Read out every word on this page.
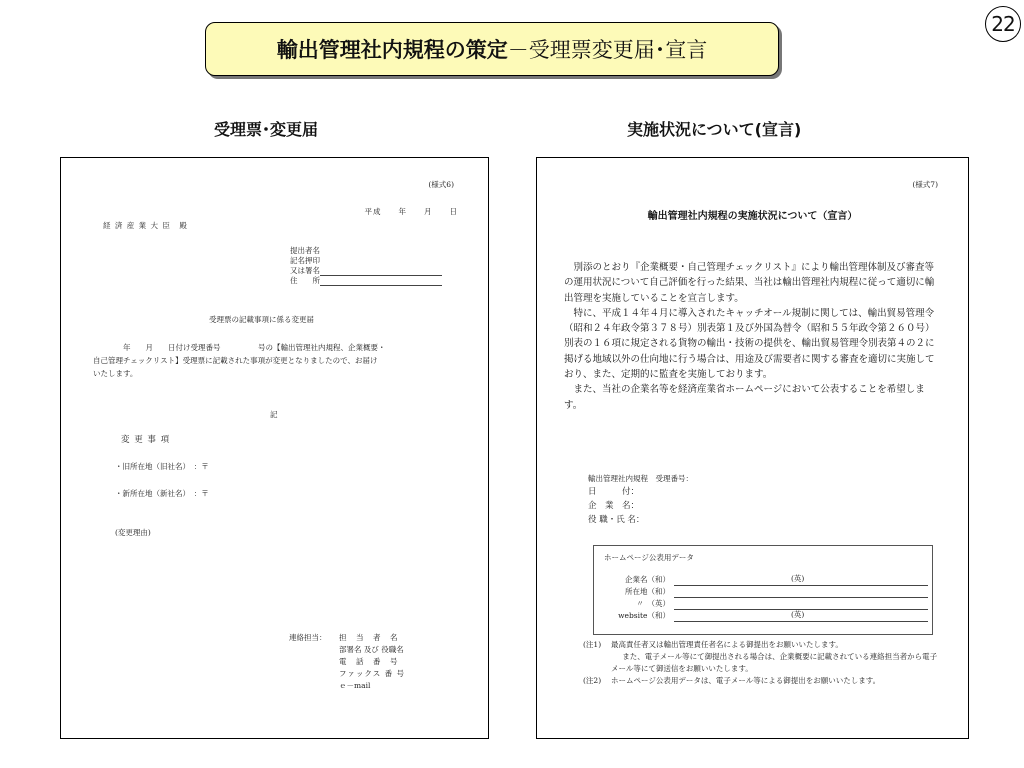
22
輸出管理社内規程の策定 －受理票変更届･宣言
受理票･変更届	実施状況について(宣言)
(様式6)
平成　　年　　月　　日
経 済 産 業 大 臣　殿
提出者名
記名押印
又は署名
住　　所
受理票の記載事項に係る変更届
年　　月　　日付け受理番号　　　　　号の【輸出管理社内規程、企業概要・
自己管理チェックリスト】受理票に記載された事項が変更となりましたので、お届け
いたします。
記
変 更 事 項
・旧所在地（旧社名）　：〒
・新所在地（新社名）　：〒
(変更理由)
連絡担当： 担　当　者　名
部署名 及び 役職名
電　話　番　号
ファックス 番 号
ｅ－mail
(様式7)
輸出管理社内規程の実施状況について（宣言）
　別添のとおり『企業概要・自己管理チェックリスト』により輸出管理体制及び審査等の運用状況について自己評価を行った結果、当社は輸出管理社内規程に従って適切に輸出管理を実施していることを宣言します。
　特に、平成１４年４月に導入されたキャッチオール規制に関しては、輸出貿易管理令（昭和２４年政令第３７８号）別表第１及び外国為替令（昭和５５年政令第２６０号）別表の１６項に規定される貨物の輸出・技術の提供を、輸出貿易管理令別表第４の２に掲げる地域以外の仕向地に行う場合は、用途及び需要者に関する審査を適切に実施しており、また、定期的に監査を実施しております。
　また、当社の企業名等を経済産業省ホームページにおいて公表することを希望します。
輸出管理社内規程　受理番号：
日　　　付：
企　業　名：
役 職・氏 名：
ホームページ公表用データ
企業名（和）	(英)
所在地（和）
〃　（英）
website（和）	(英)
(注1)	最高責任者又は輸出管理責任者名による御提出をお願いいたします。
また、電子メール等にて御提出される場合は、企業概要に記載されている連絡担当者から電子メール等にて御送信をお願いいたします。
(注2)	ホームページ公表用データは、電子メール等による御提出をお願いいたします。
